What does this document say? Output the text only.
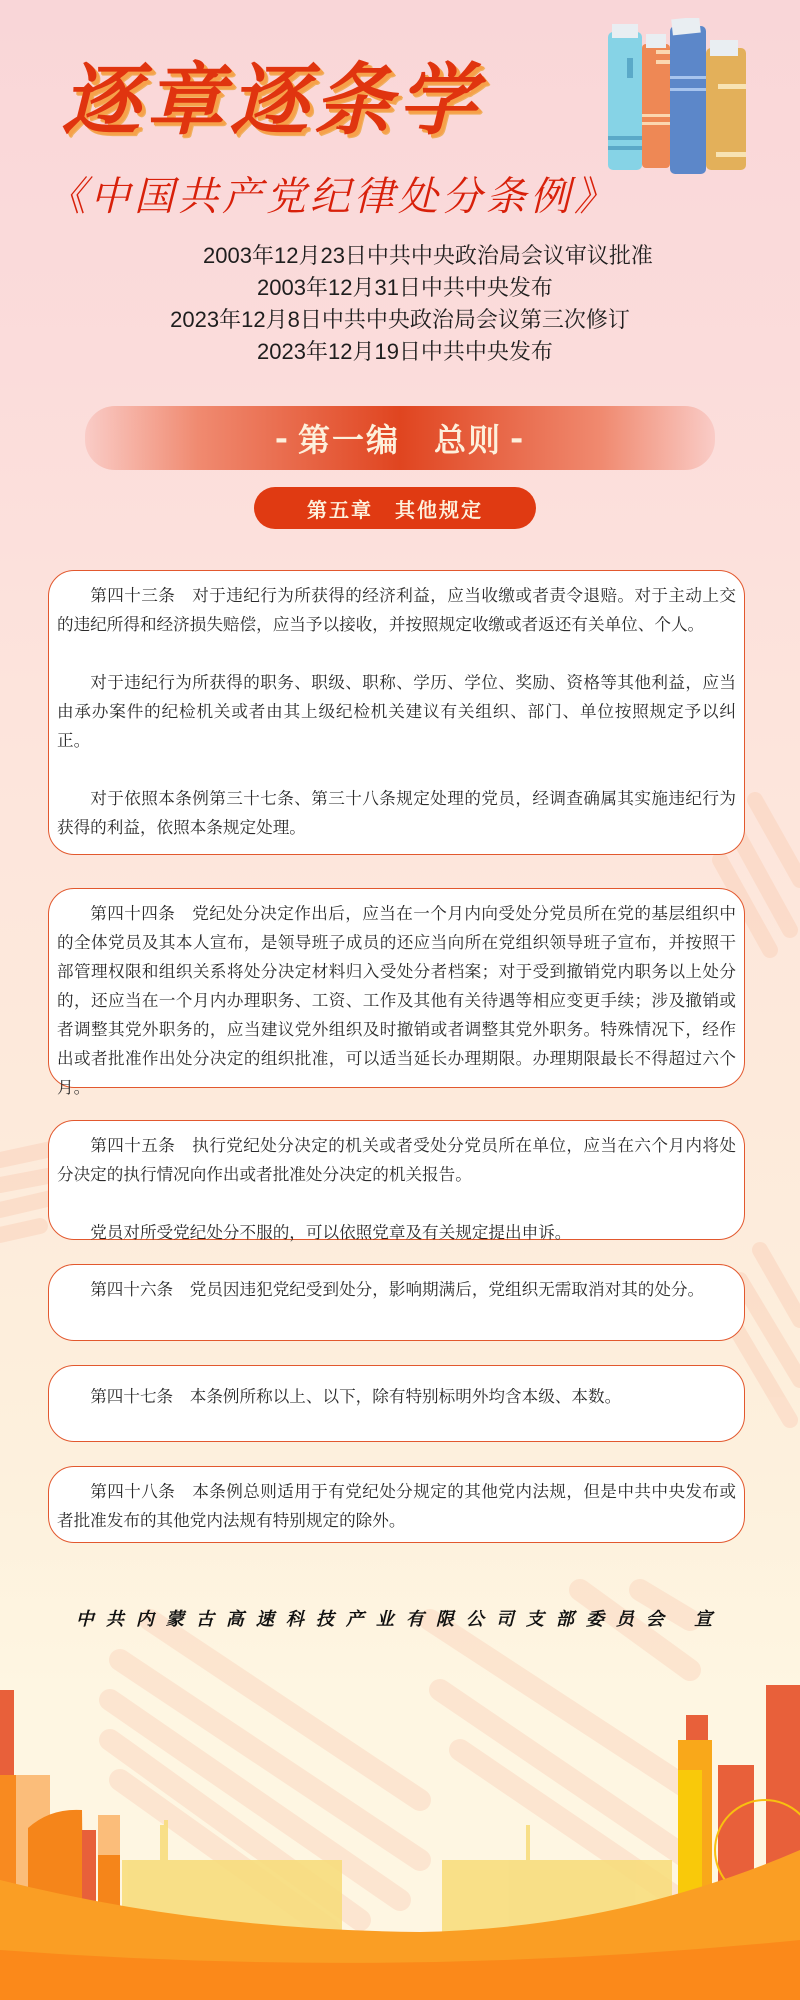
逐章逐条学
《中国共产党纪律处分条例》
2003年12月23日中共中央政治局会议审议批准
2003年12月31日中共中央发布
2023年12月8日中共中央政治局会议第三次修订
2023年12月19日中共中央发布
- 第一编　总则 -
第五章　其他规定

第四十三条　对于违纪行为所获得的经济利益，应当收缴或者责令退赔。对于主动上交的违纪所得和经济损失赔偿，应当予以接收，并按照规定收缴或者返还有关单位、个人。

对于违纪行为所获得的职务、职级、职称、学历、学位、奖励、资格等其他利益，应当由承办案件的纪检机关或者由其上级纪检机关建议有关组织、部门、单位按照规定予以纠正。

对于依照本条例第三十七条、第三十八条规定处理的党员，经调查确属其实施违纪行为获得的利益，依照本条规定处理。

第四十四条　党纪处分决定作出后，应当在一个月内向受处分党员所在党的基层组织中的全体党员及其本人宣布，是领导班子成员的还应当向所在党组织领导班子宣布，并按照干部管理权限和组织关系将处分决定材料归入受处分者档案；对于受到撤销党内职务以上处分的，还应当在一个月内办理职务、工资、工作及其他有关待遇等相应变更手续；涉及撤销或者调整其党外职务的，应当建议党外组织及时撤销或者调整其党外职务。特殊情况下，经作出或者批准作出处分决定的组织批准，可以适当延长办理期限。办理期限最长不得超过六个月。

第四十五条　执行党纪处分决定的机关或者受处分党员所在单位，应当在六个月内将处分决定的执行情况向作出或者批准处分决定的机关报告。

党员对所受党纪处分不服的，可以依照党章及有关规定提出申诉。

第四十六条　党员因违犯党纪受到处分，影响期满后，党组织无需取消对其的处分。

第四十七条　本条例所称以上、以下，除有特别标明外均含本级、本数。

第四十八条　本条例总则适用于有党纪处分规定的其他党内法规，但是中共中央发布或者批准发布的其他党内法规有特别规定的除外。

中共内蒙古高速科技产业有限公司支部委员会 宣
